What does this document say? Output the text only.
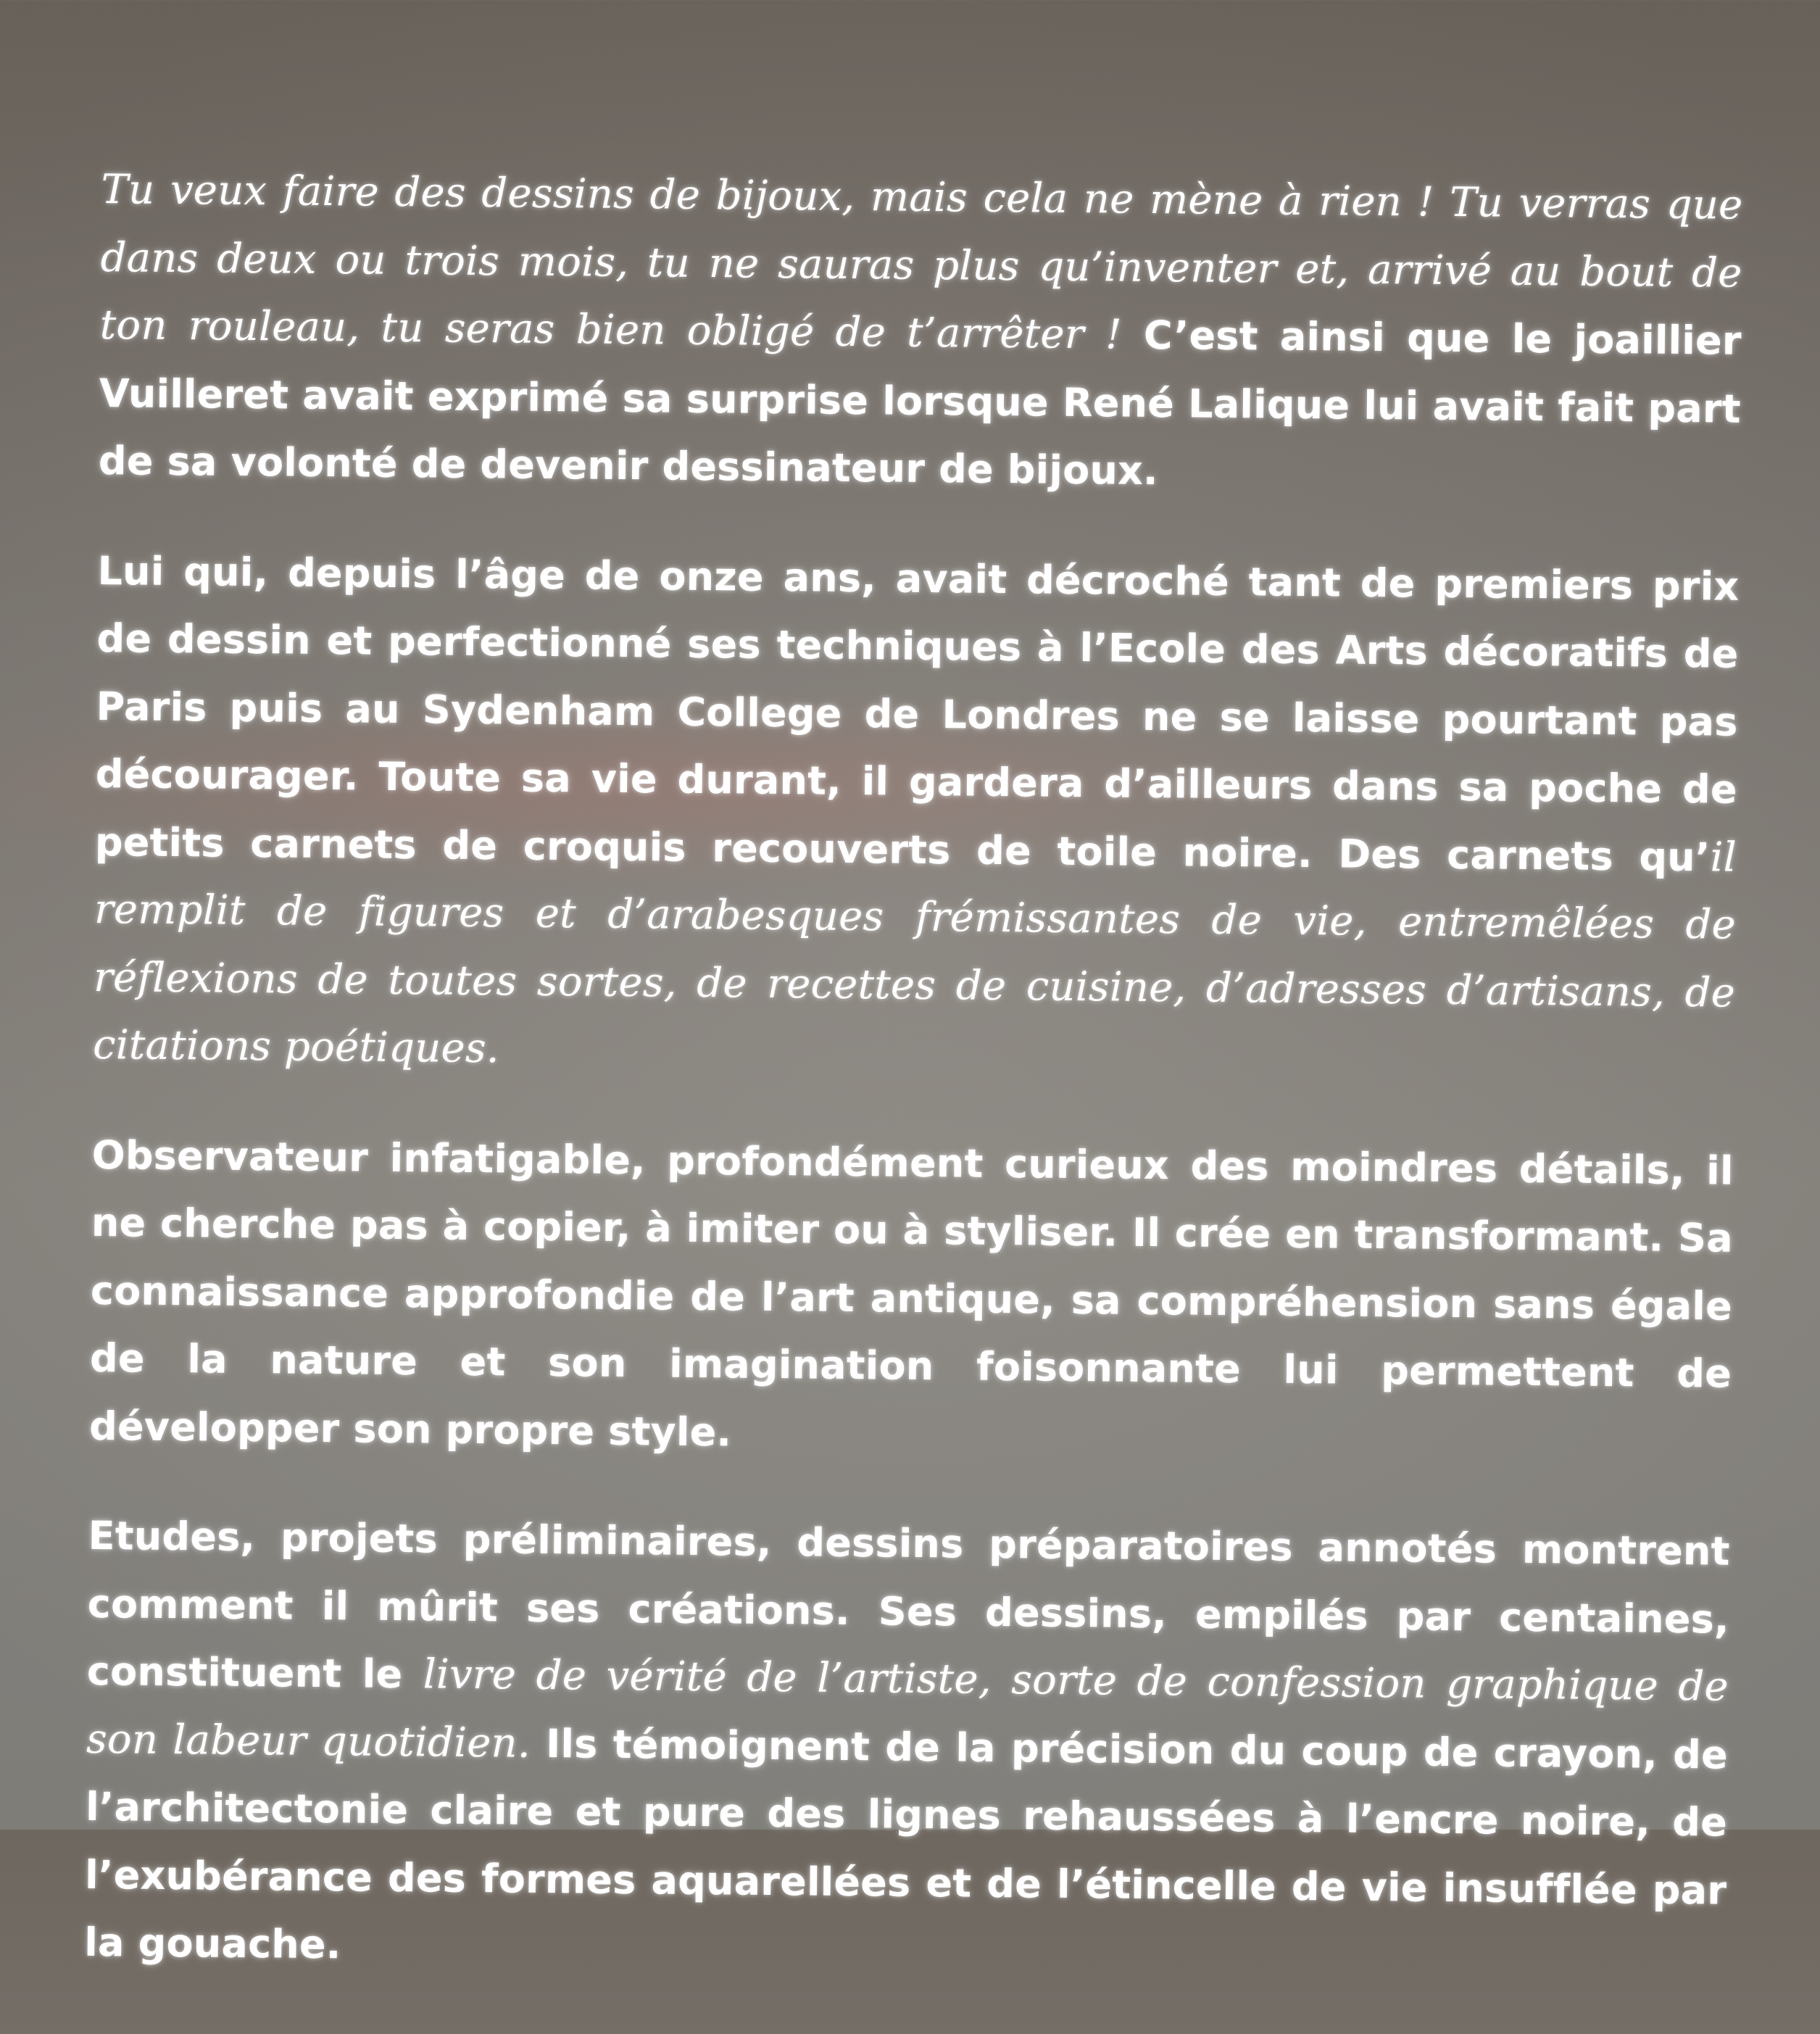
Tu veux faire des dessins de bijoux, mais cela ne mène à rien ! Tu verras que dans deux ou trois mois, tu ne sauras plus qu’inventer et, arrivé au bout de ton rouleau, tu seras bien obligé de t’arrêter ! C’est ainsi que le joaillier Vuilleret avait exprimé sa surprise lorsque René Lalique lui avait fait part de sa volonté de devenir dessinateur de bijoux.

Lui qui, depuis l’âge de onze ans, avait décroché tant de premiers prix de dessin et perfectionné ses techniques à l’Ecole des Arts décoratifs de Paris puis au Sydenham College de Londres ne se laisse pourtant pas décourager. Toute sa vie durant, il gardera d’ailleurs dans sa poche de petits carnets de croquis recouverts de toile noire. Des carnets qu’il remplit de figures et d’arabesques frémissantes de vie, entremêlées de réflexions de toutes sortes, de recettes de cuisine, d’adresses d’artisans, de citations poétiques.

Observateur infatigable, profondément curieux des moindres détails, il ne cherche pas à copier, à imiter ou à styliser. Il crée en transformant. Sa connaissance approfondie de l’art antique, sa compréhension sans égale de la nature et son imagination foisonnante lui permettent de développer son propre style.

Etudes, projets préliminaires, dessins préparatoires annotés montrent comment il mûrit ses créations. Ses dessins, empilés par centaines, constituent le livre de vérité de l’artiste, sorte de confession graphique de son labeur quotidien. Ils témoignent de la précision du coup de crayon, de l’architectonie claire et pure des lignes rehaussées à l’encre noire, de l’exubérance des formes aquarellées et de l’étincelle de vie insufflée par la gouache.
